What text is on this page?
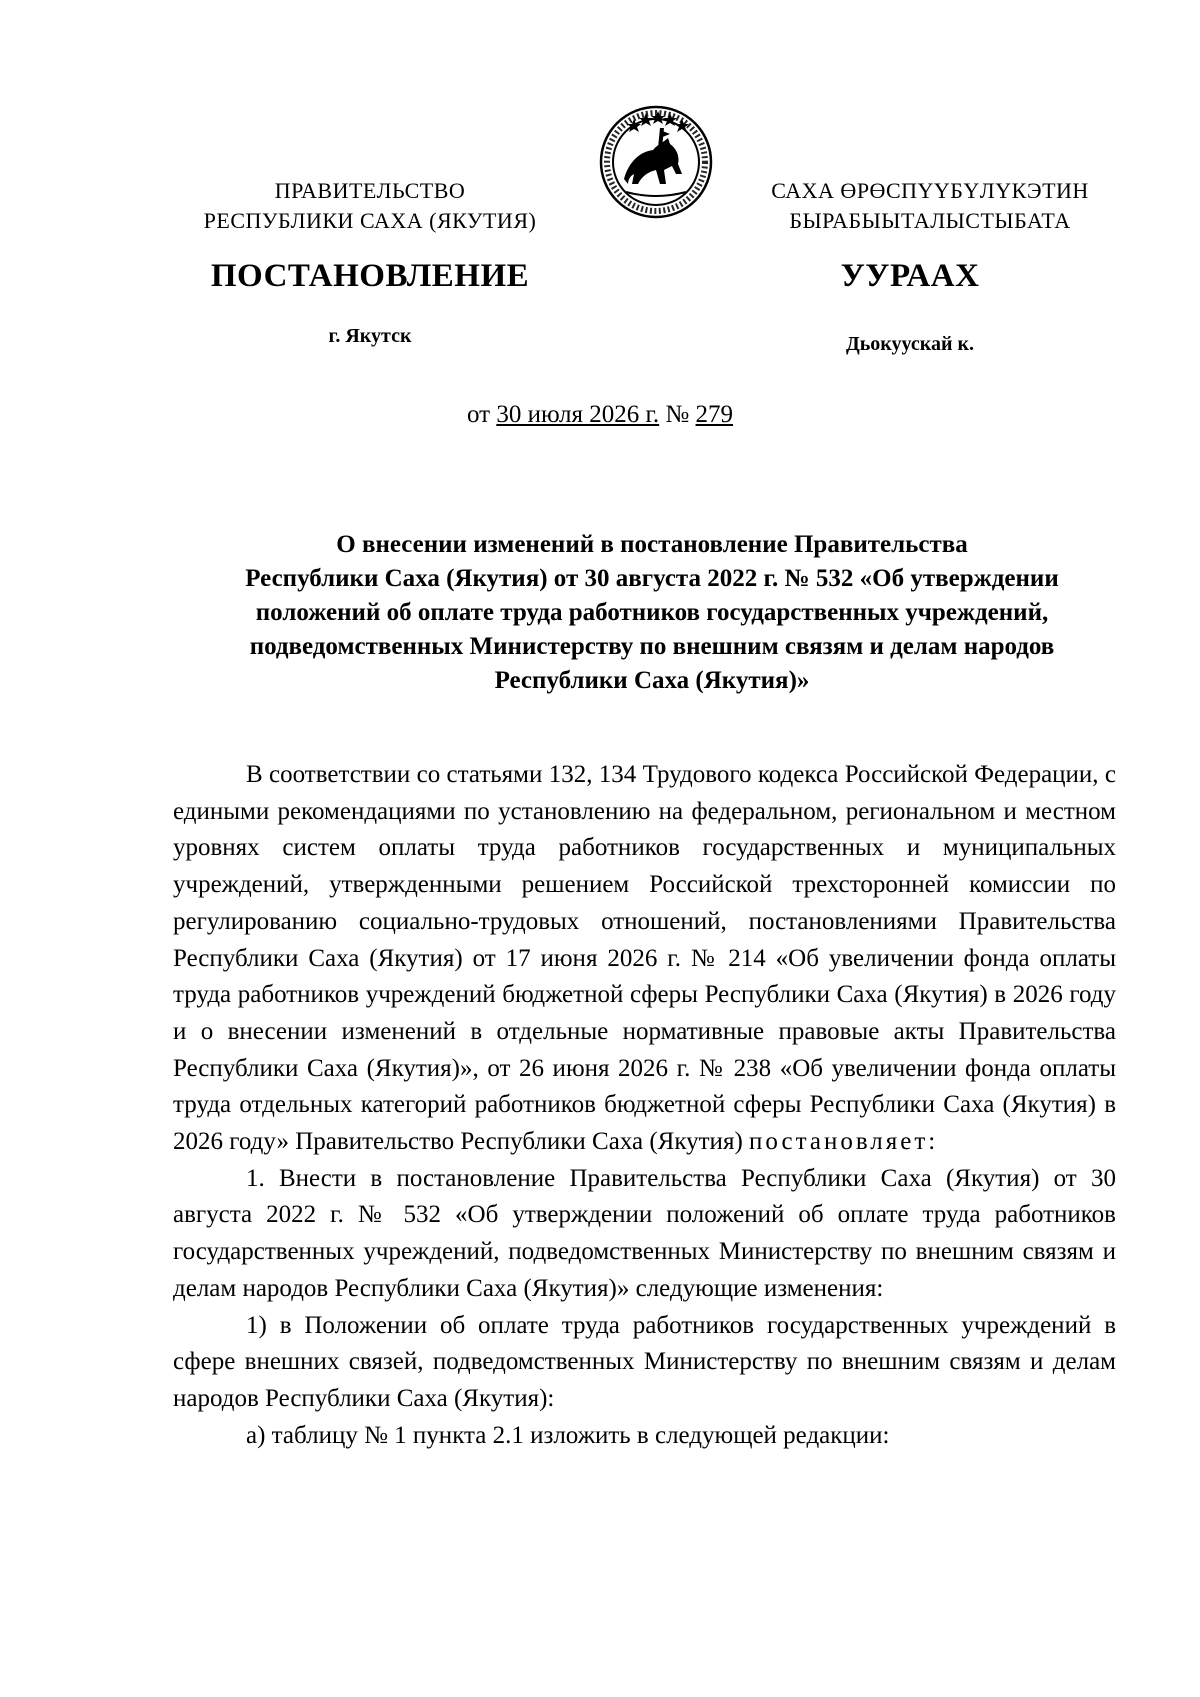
ПРАВИТЕЛЬСТВО
РЕСПУБЛИКИ САХА (ЯКУТИЯ)
САХА ӨРӨСПҮҮБҮЛҮКЭТИН
БЫРАБЫЫТАЛЫСТЫБАТА
ПОСТАНОВЛЕНИЕ	УУРААХ
г. Якутск	Дьокуускай к.
от 30 июля 2026 г. № 279
О внесении изменений в постановление Правительства
Республики Саха (Якутия) от 30 августа 2022 г. № 532 «Об утверждении
положений об оплате труда работников государственных учреждений,
подведомственных Министерству по внешним связям и делам народов
Республики Саха (Якутия)»

В соответствии со статьями 132, 134 Трудового кодекса Российской Федерации, с едиными рекомендациями по установлению на федеральном, региональном и местном уровнях систем оплаты труда работников государственных и муниципальных учреждений, утвержденными решением Российской трехсторонней комиссии по регулированию социально-трудовых отношений, постановлениями Правительства Республики Саха (Якутия) от 17 июня 2026 г. № 214 «Об увеличении фонда оплаты труда работников учреждений бюджетной сферы Республики Саха (Якутия) в 2026 году и о внесении изменений в отдельные нормативные правовые акты Правительства Республики Саха (Якутия)», от 26 июня 2026 г. № 238 «Об увеличении фонда оплаты труда отдельных категорий работников бюджетной сферы Республики Саха (Якутия) в 2026 году» Правительство Республики Саха (Якутия) постановляет:

1. Внести в постановление Правительства Республики Саха (Якутия) от 30 августа 2022 г. № 532 «Об утверждении положений об оплате труда работников государственных учреждений, подведомственных Министерству по внешним связям и делам народов Республики Саха (Якутия)» следующие изменения:

1) в Положении об оплате труда работников государственных учреждений в сфере внешних связей, подведомственных Министерству по внешним связям и делам народов Республики Саха (Якутия):

а) таблицу № 1 пункта 2.1 изложить в следующей редакции:
